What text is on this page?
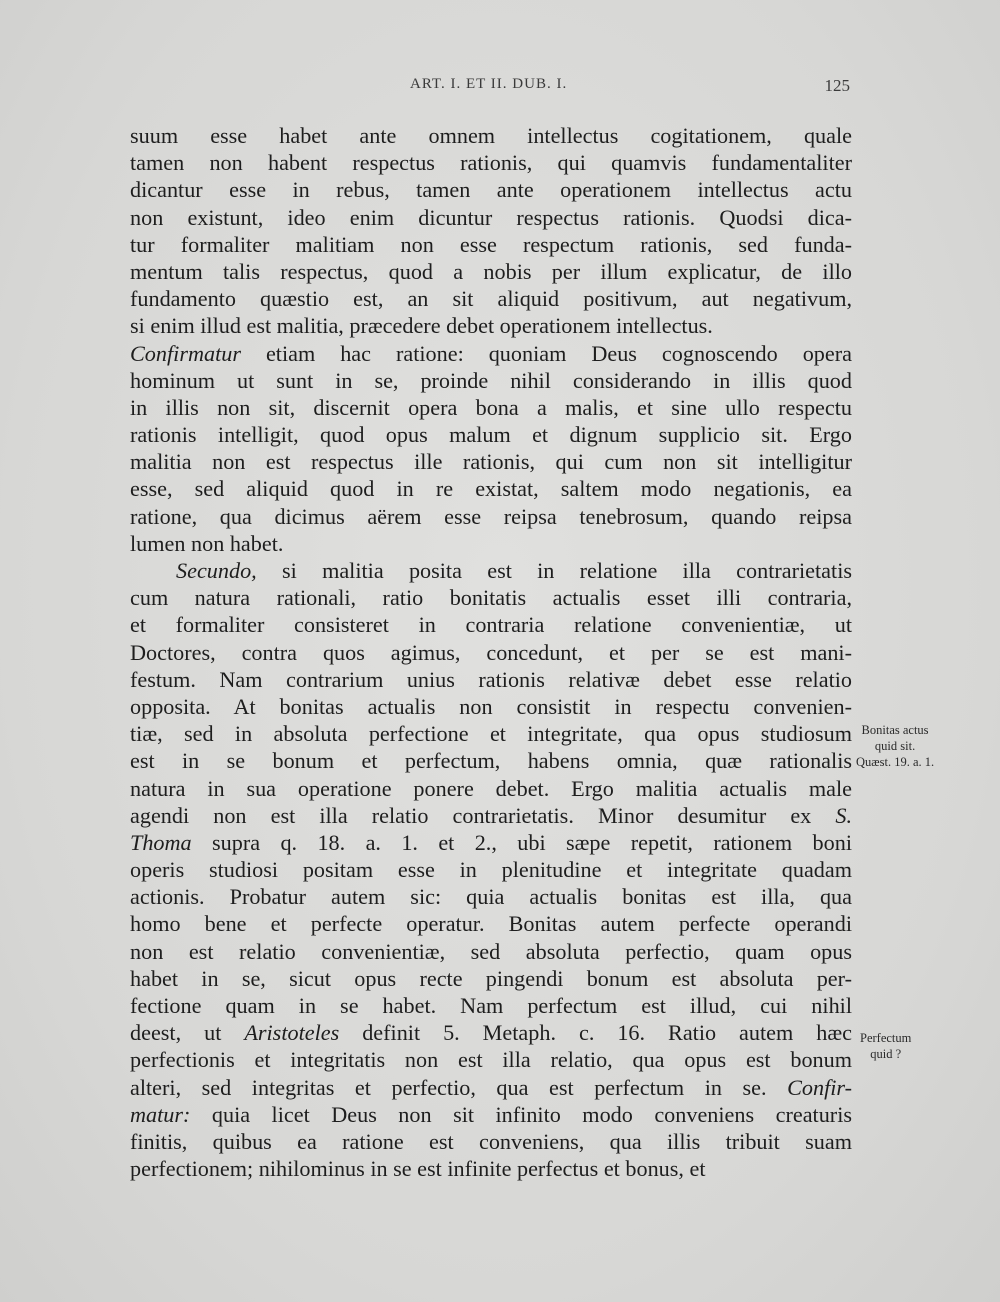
ART. I. ET II. DUB. I.	125
suum esse habet ante omnem intellectus cogitationem, quale
tamen non habent respectus rationis, qui quamvis fundamentaliter
dicantur esse in rebus, tamen ante operationem intellectus actu
non existunt, ideo enim dicuntur respectus rationis. Quodsi dica-
tur formaliter malitiam non esse respectum rationis, sed funda-
mentum talis respectus, quod a nobis per illum explicatur, de illo
fundamento quæstio est, an sit aliquid positivum, aut negativum,
si enim illud est malitia, præcedere debet operationem intellectus.
Confirmatur etiam hac ratione: quoniam Deus cognoscendo opera
hominum ut sunt in se, proinde nihil considerando in illis quod
in illis non sit, discernit opera bona a malis, et sine ullo respectu
rationis intelligit, quod opus malum et dignum supplicio sit. Ergo
malitia non est respectus ille rationis, qui cum non sit intelligitur
esse, sed aliquid quod in re existat, saltem modo negationis, ea
ratione, qua dicimus aërem esse reipsa tenebrosum, quando reipsa
lumen non habet.
Secundo, si malitia posita est in relatione illa contrarietatis
cum natura rationali, ratio bonitatis actualis esset illi contraria,
et formaliter consisteret in contraria relatione convenientiæ, ut
Doctores, contra quos agimus, concedunt, et per se est mani-
festum. Nam contrarium unius rationis relativæ debet esse relatio
opposita. At bonitas actualis non consistit in respectu convenien-
tiæ, sed in absoluta perfectione et integritate, qua opus studiosum
est in se bonum et perfectum, habens omnia, quæ rationalis
natura in sua operatione ponere debet. Ergo malitia actualis male
agendi non est illa relatio contrarietatis. Minor desumitur ex S.
Thoma supra q. 18. a. 1. et 2., ubi sæpe repetit, rationem boni
operis studiosi positam esse in plenitudine et integritate quadam
actionis. Probatur autem sic: quia actualis bonitas est illa, qua
homo bene et perfecte operatur. Bonitas autem perfecte operandi
non est relatio convenientiæ, sed absoluta perfectio, quam opus
habet in se, sicut opus recte pingendi bonum est absoluta per-
fectione quam in se habet. Nam perfectum est illud, cui nihil
deest, ut Aristoteles definit 5. Metaph. c. 16. Ratio autem hæc
perfectionis et integritatis non est illa relatio, qua opus est bonum
alteri, sed integritas et perfectio, qua est perfectum in se. Confir-
matur: quia licet Deus non sit infinito modo conveniens creaturis
finitis, quibus ea ratione est conveniens, qua illis tribuit suam
perfectionem; nihilominus in se est infinite perfectus et bonus, et
Bonitas actus
quid sit.
Quæst. 19. a. 1.
Perfectum
quid ?
